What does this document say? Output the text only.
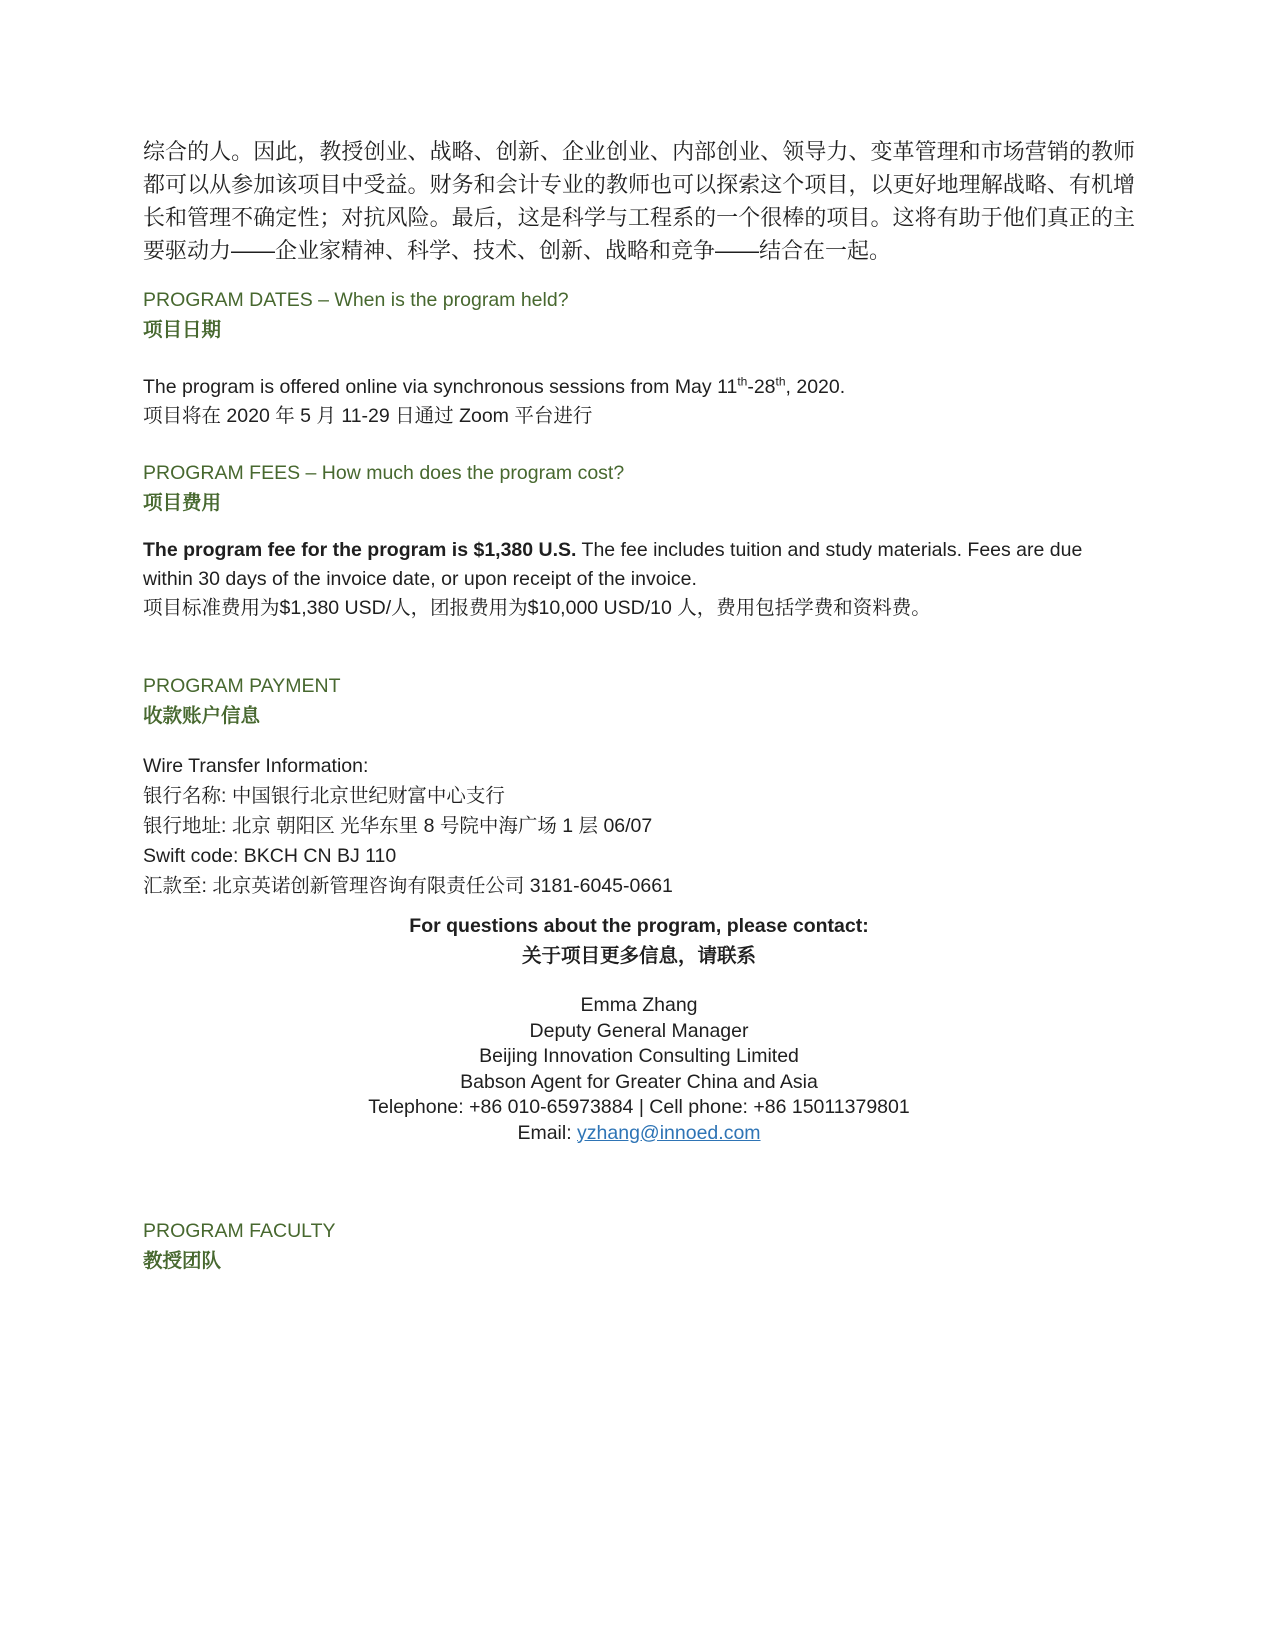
综合的人。因此，教授创业、战略、创新、企业创业、内部创业、领导力、变革管理和市场营销的教师都可以从参加该项目中受益。财务和会计专业的教师也可以探索这个项目，以更好地理解战略、有机增长和管理不确定性；对抗风险。最后，这是科学与工程系的一个很棒的项目。这将有助于他们真正的主要驱动力——企业家精神、科学、技术、创新、战略和竞争——结合在一起。

PROGRAM DATES – When is the program held?

项目日期

The program is offered online via synchronous sessions from May 11th-28th, 2020.

项目将在 2020 年 5 月 11-29 日通过 Zoom 平台进行

PROGRAM FEES – How much does the program cost?

项目费用

The program fee for the program is $1,380 U.S. The fee includes tuition and study materials. Fees are due within 30 days of the invoice date, or upon receipt of the invoice.

项目标准费用为$1,380 USD/人，团报费用为$10,000 USD/10 人，费用包括学费和资料费。

PROGRAM PAYMENT

收款账户信息

Wire Transfer Information:

银行名称: 中国银行北京世纪财富中心支行

银行地址: 北京 朝阳区 光华东里 8 号院中海广场 1 层 06/07

Swift code: BKCH CN BJ 110

汇款至: 北京英诺创新管理咨询有限责任公司 3181-6045-0661

For questions about the program, please contact:

关于项目更多信息，请联系

Emma Zhang

Deputy General Manager

Beijing Innovation Consulting Limited

Babson Agent for Greater China and Asia

Telephone: +86 010-65973884 | Cell phone: +86 15011379801

Email: yzhang@innoed.com

PROGRAM FACULTY

教授团队
